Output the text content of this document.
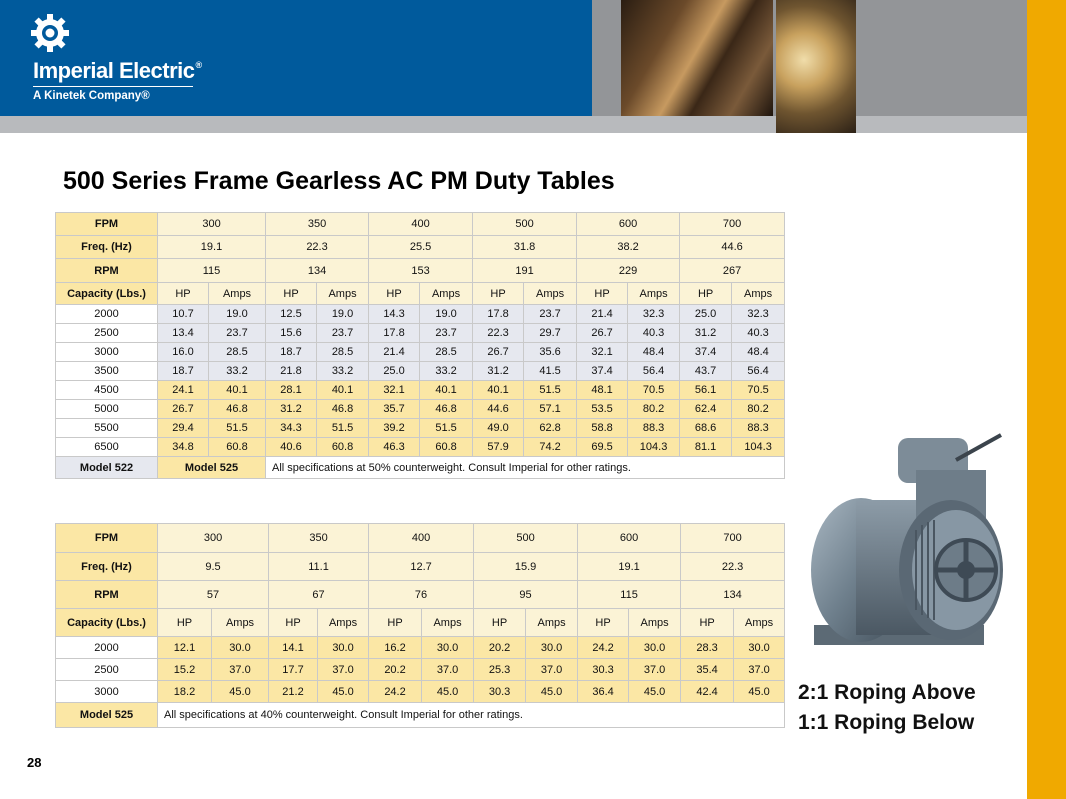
Imperial Electric®
A Kinetek Company®
500 Series Frame Gearless AC PM Duty Tables
FPM	300		350		400		500		600		700	
Freq. (Hz)	19.1		22.3		25.5		31.8		38.2		44.6	
RPM	115		134		153		191		229		267	
Capacity (Lbs.)	HP	Amps	HP	Amps	HP	Amps	HP	Amps	HP	Amps	HP	Amps
2000	10.7	19.0	12.5	19.0	14.3	19.0	17.8	23.7	21.4	32.3	25.0	32.3
2500	13.4	23.7	15.6	23.7	17.8	23.7	22.3	29.7	26.7	40.3	31.2	40.3
3000	16.0	28.5	18.7	28.5	21.4	28.5	26.7	35.6	32.1	48.4	37.4	48.4
3500	18.7	33.2	21.8	33.2	25.0	33.2	31.2	41.5	37.4	56.4	43.7	56.4
4500	24.1	40.1	28.1	40.1	32.1	40.1	40.1	51.5	48.1	70.5	56.1	70.5
5000	26.7	46.8	31.2	46.8	35.7	46.8	44.6	57.1	53.5	80.2	62.4	80.2
5500	29.4	51.5	34.3	51.5	39.2	51.5	49.0	62.8	58.8	88.3	68.6	88.3
6500	34.8	60.8	40.6	60.8	46.3	60.8	57.9	74.2	69.5	104.3	81.1	104.3
Model 522	Model 525		All specifications at 50% counterweight. Consult Imperial for other ratings.									
FPM	300		350		400		500		600		700	
Freq. (Hz)	9.5		11.1		12.7		15.9		19.1		22.3	
RPM	57		67		76		95		115		134	
Capacity (Lbs.)	HP	Amps	HP	Amps	HP	Amps	HP	Amps	HP	Amps	HP	Amps
2000	12.1	30.0	14.1	30.0	16.2	30.0	20.2	30.0	24.2	30.0	28.3	30.0
2500	15.2	37.0	17.7	37.0	20.2	37.0	25.3	37.0	30.3	37.0	35.4	37.0
3000	18.2	45.0	21.2	45.0	24.2	45.0	30.3	45.0	36.4	45.0	42.4	45.0
Model 525	All specifications at 40% counterweight. Consult Imperial for other ratings.											
2:1 Roping Above
1:1 Roping Below
28
